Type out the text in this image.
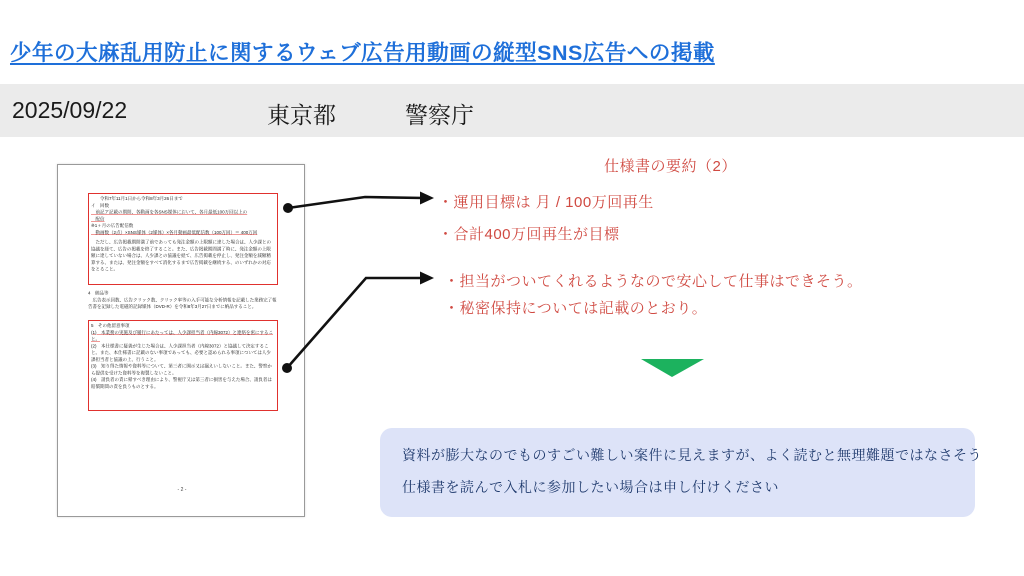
少年の大麻乱用防止に関するウェブ広告用動画の縦型SNS広告への掲載
2025/09/22	東京都	警察庁
　　令和7年11月1日から令和8年3月26日まで
イ　回数
　前記ア記載の期間、各動画を各SNS媒体において、各月最低100万回以上の
　配信
※1ヶ月の広告配信数
　動画数（2点）×SNS媒体（2媒体）×各月動画最低配信数（100万回）＝ 400万回
　ただし、広告掲載期間満了前であっても発注金額の上限額に達した場合は、人少課との協議を経て、広告の掲載を終了すること。また、広告掲載期間満了時に、発注金額の上限額に達していない場合は、人少課との協議を経て、広告掲載を停止し、発注金額を減額精算する、または、発注金額をすべて消化するまで広告掲載を継続する、のいずれかの対応をとること。
4　納品等
　広告表示回数、広告クリック数、クリック率等の入手可能な分析情報を記載した業務完了報告書を記録した電磁的記録媒体（DVD-R）を令和8年3月27日までに納品すること。
5　その他留意事項
(1)　本業務の実施及び履行にあたっては、人少課担当者（内線3072）と連絡を密にすること。
(2)　本仕様書に疑義が生じた場合は、人少課担当者（内線3072）と協議して決定すること。また、本仕様書に記載のない事項であっても、必要と認められる事項については人少課担当者と協議の上、行うこと。
(3)　知り得た情報や資料等について、第三者に開示又は漏えいしないこと。また、警察から提供を受けた資料等を複製しないこと。
(4)　請負者の責に帰すべき理由により、警視庁又は第三者に損害を与えた場合、請負者は賠償期間の責を負うものとする。
- 2 -
仕様書の要約（2）
・運用目標は 月 / 100万回再生
・合計400万回再生が目標
・担当がついてくれるようなので安心して仕事はできそう。
・秘密保持については記載のとおり。
資料が膨大なのでものすごい難しい案件に見えますが、よく読むと無理難題ではなさそう
仕様書を読んで入札に参加したい場合は申し付けください
